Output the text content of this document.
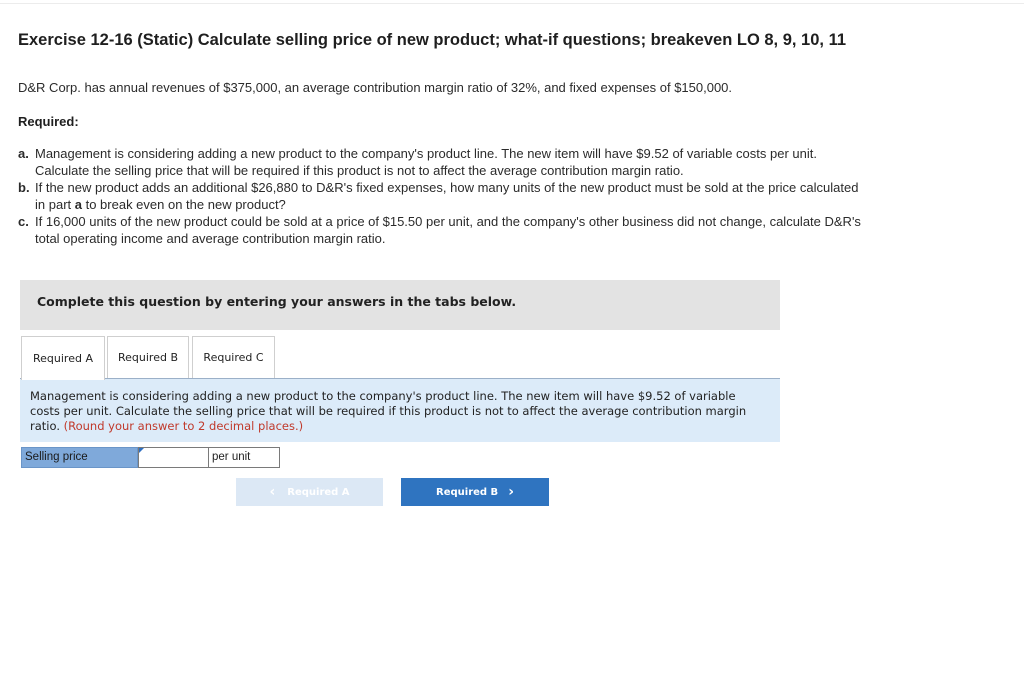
Exercise 12-16 (Static) Calculate selling price of new product; what-if questions; breakeven LO 8, 9, 10, 11
D&R Corp. has annual revenues of $375,000, an average contribution margin ratio of 32%, and fixed expenses of $150,000.
Required:
a. Management is considering adding a new product to the company's product line. The new item will have $9.52 of variable costs per unit. Calculate the selling price that will be required if this product is not to affect the average contribution margin ratio.
b. If the new product adds an additional $26,880 to D&R's fixed expenses, how many units of the new product must be sold at the price calculated in part a to break even on the new product?
c. If 16,000 units of the new product could be sold at a price of $15.50 per unit, and the company's other business did not change, calculate D&R's total operating income and average contribution margin ratio.
Complete this question by entering your answers in the tabs below.
Required A Required B Required C
Management is considering adding a new product to the company's product line. The new item will have $9.52 of variable costs per unit. Calculate the selling price that will be required if this product is not to affect the average contribution margin ratio. (Round your answer to 2 decimal places.)
Selling price	per unit
‹ Required A	Required B ›
